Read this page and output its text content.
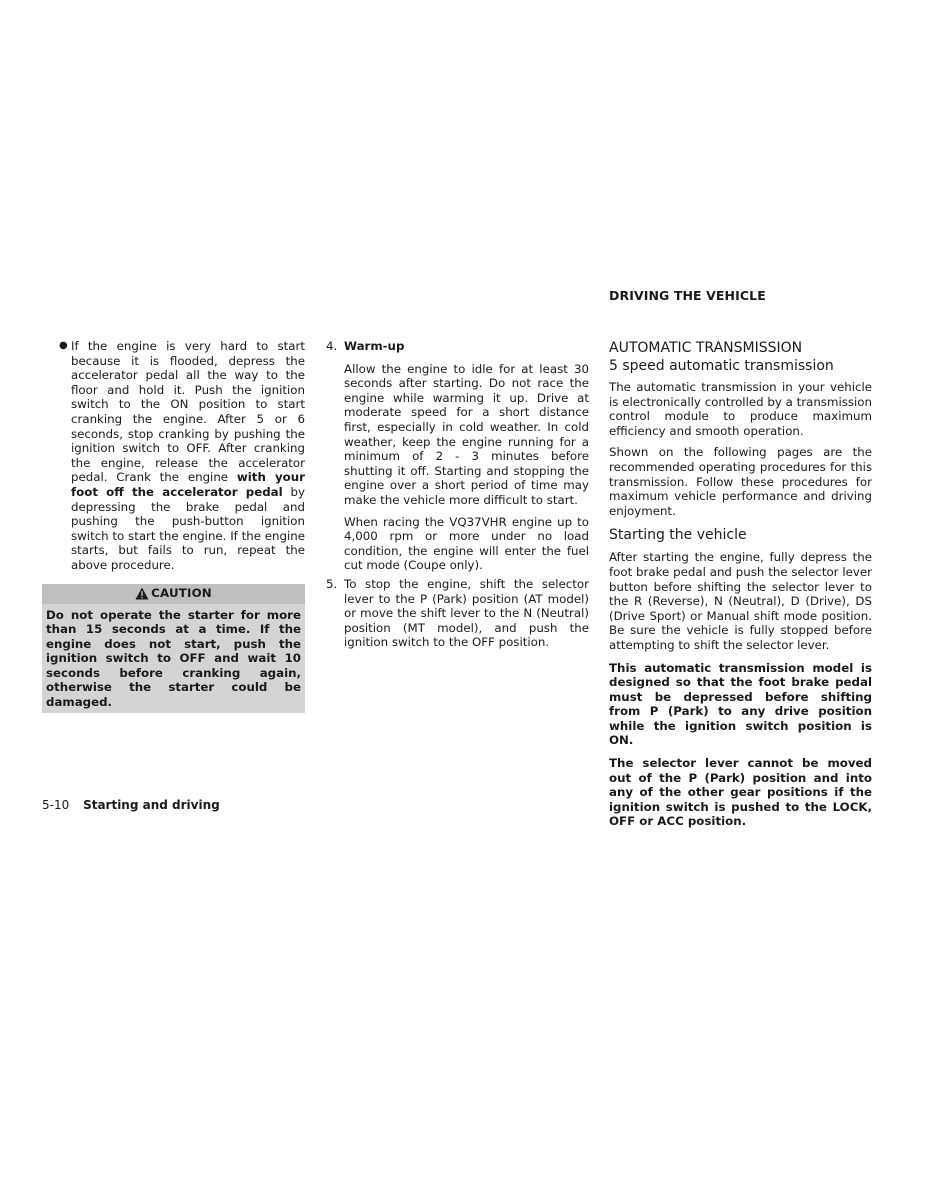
DRIVING THE VEHICLE
● If the engine is very hard to start because it is flooded, depress the accelerator pedal all the way to the floor and hold it. Push the ignition switch to the ON position to start cranking the engine. After 5 or 6 seconds, stop cranking by pushing the ignition switch to OFF. After cranking the engine, release the accelerator pedal. Crank the engine with your foot off the accelerator pedal by depressing the brake pedal and pushing the push-button ignition switch to start the engine. If the engine starts, but fails to run, repeat the above procedure.
CAUTION
Do not operate the starter for more than 15 seconds at a time. If the engine does not start, push the ignition switch to OFF and wait 10 seconds before cranking again, otherwise the starter could be damaged.
4. Warm-up

Allow the engine to idle for at least 30 seconds after starting. Do not race the engine while warming it up. Drive at moderate speed for a short distance first, especially in cold weather. In cold weather, keep the engine running for a minimum of 2 - 3 minutes before shutting it off. Starting and stopping the engine over a short period of time may make the vehicle more difficult to start.

When racing the VQ37VHR engine up to 4,000 rpm or more under no load condition, the engine will enter the fuel cut mode (Coupe only).

5. To stop the engine, shift the selector lever to the P (Park) position (AT model) or move the shift lever to the N (Neutral) position (MT model), and push the ignition switch to the OFF position.
AUTOMATIC TRANSMISSION
5 speed automatic transmission

The automatic transmission in your vehicle is electronically controlled by a transmission control module to produce maximum efficiency and smooth operation.

Shown on the following pages are the recommended operating procedures for this transmission. Follow these procedures for maximum vehicle performance and driving enjoyment.

Starting the vehicle

After starting the engine, fully depress the foot brake pedal and push the selector lever button before shifting the selector lever to the R (Reverse), N (Neutral), D (Drive), DS (Drive Sport) or Manual shift mode position. Be sure the vehicle is fully stopped before attempting to shift the selector lever.

This automatic transmission model is designed so that the foot brake pedal must be depressed before shifting from P (Park) to any drive position while the ignition switch position is ON.

The selector lever cannot be moved out of the P (Park) position and into any of the other gear positions if the ignition switch is pushed to the LOCK, OFF or ACC position.

5-10 Starting and driving
